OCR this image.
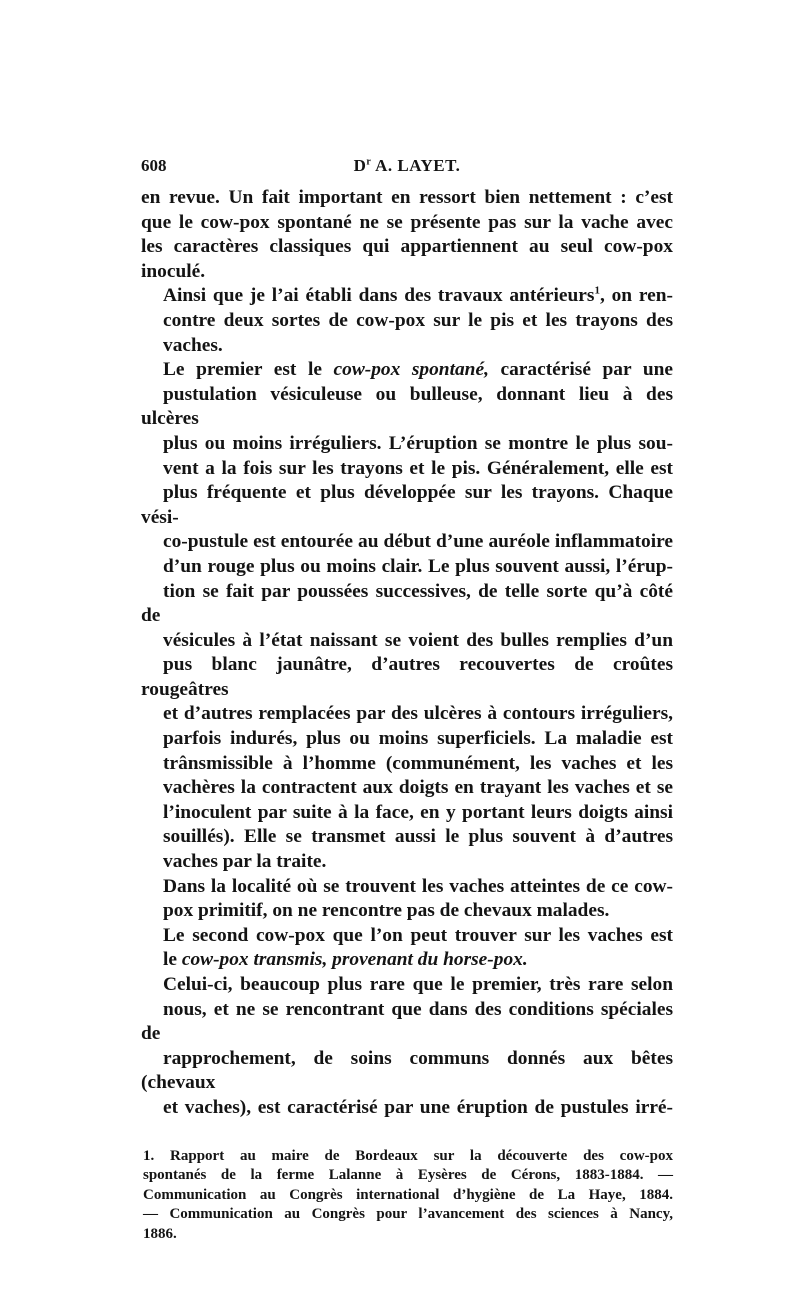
608	$D^r$ A. LAYET.

en revue. Un fait important en ressort bien nettement : c’est
que le cow-pox spontané ne se présente pas sur la vache avec
les caractères classiques qui appartiennent au seul cow-pox
inoculé.

Ainsi que je l’ai établi dans des travaux antérieurs$^1$, on ren-
contre deux sortes de cow-pox sur le pis et les trayons des
vaches.

Le premier est le cow-pox spontané, caractérisé par une
pustulation vésiculeuse ou bulleuse, donnant lieu à des ulcères
plus ou moins irréguliers. L’éruption se montre le plus sou-
vent a la fois sur les trayons et le pis. Généralement, elle est
plus fréquente et plus développée sur les trayons. Chaque vési-
co-pustule est entourée au début d’une auréole inflammatoire
d’un rouge plus ou moins clair. Le plus souvent aussi, l’érup-
tion se fait par poussées successives, de telle sorte qu’à côté de
vésicules à l’état naissant se voient des bulles remplies d’un
pus blanc jaunâtre, d’autres recouvertes de croûtes rougeâtres
et d’autres remplacées par des ulcères à contours irréguliers,
parfois indurés, plus ou moins superficiels. La maladie est
trânsmissible à l’homme (communément, les vaches et les
vachères la contractent aux doigts en trayant les vaches et se
l’inoculent par suite à la face, en y portant leurs doigts ainsi
souillés). Elle se transmet aussi le plus souvent à d’autres
vaches par la traite.

Dans la localité où se trouvent les vaches atteintes de ce cow-
pox primitif, on ne rencontre pas de chevaux malades.

Le second cow-pox que l’on peut trouver sur les vaches est
le cow-pox transmis, provenant du horse-pox.

Celui-ci, beaucoup plus rare que le premier, très rare selon
nous, et ne se rencontrant que dans des conditions spéciales de
rapprochement, de soins communs donnés aux bêtes (chevaux
et vaches), est caractérisé par une éruption de pustules irré-

1. Rapport au maire de Bordeaux sur la découverte des cow-pox
spontanés de la ferme Lalanne à Eysères de Cérons, 1883-1884. —
Communication au Congrès international d’hygiène de La Haye, 1884.
— Communication au Congrès pour l’avancement des sciences à Nancy,
1886.
